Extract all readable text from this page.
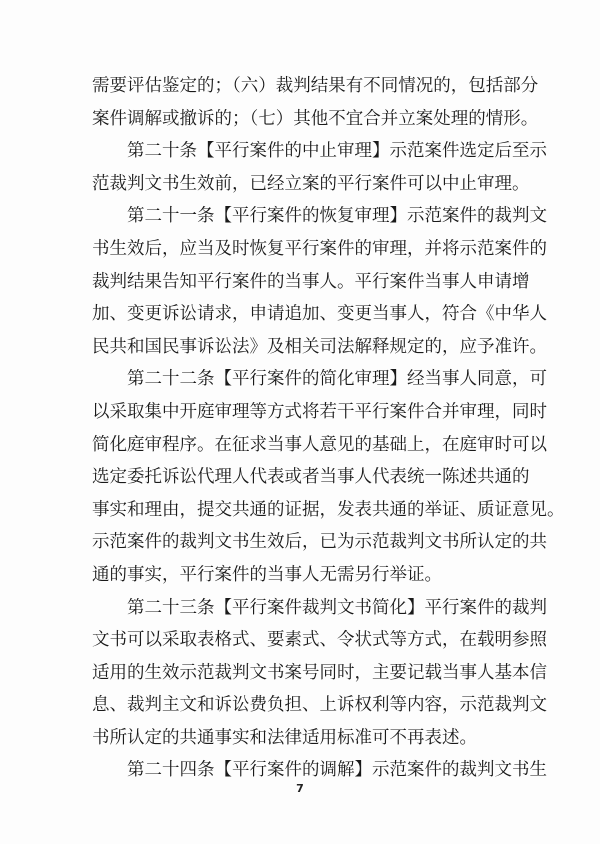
需要评估鉴定的；（六）裁判结果有不同情况的，包括部分
案件调解或撤诉的；（七）其他不宜合并立案处理的情形。
第二十条【平行案件的中止审理】示范案件选定后至示
范裁判文书生效前，已经立案的平行案件可以中止审理。
第二十一条【平行案件的恢复审理】示范案件的裁判文
书生效后，应当及时恢复平行案件的审理，并将示范案件的
裁判结果告知平行案件的当事人。平行案件当事人申请增
加、变更诉讼请求，申请追加、变更当事人，符合《中华人
民共和国民事诉讼法》及相关司法解释规定的，应予准许。
第二十二条【平行案件的简化审理】经当事人同意，可
以采取集中开庭审理等方式将若干平行案件合并审理，同时
简化庭审程序。在征求当事人意见的基础上，在庭审时可以
选定委托诉讼代理人代表或者当事人代表统一陈述共通的
事实和理由，提交共通的证据，发表共通的举证、质证意见。
示范案件的裁判文书生效后，已为示范裁判文书所认定的共
通的事实，平行案件的当事人无需另行举证。
第二十三条【平行案件裁判文书简化】平行案件的裁判
文书可以采取表格式、要素式、令状式等方式，在载明参照
适用的生效示范裁判文书案号同时，主要记载当事人基本信
息、裁判主文和诉讼费负担、上诉权利等内容，示范裁判文
书所认定的共通事实和法律适用标准可不再表述。
第二十四条【平行案件的调解】示范案件的裁判文书生
7
